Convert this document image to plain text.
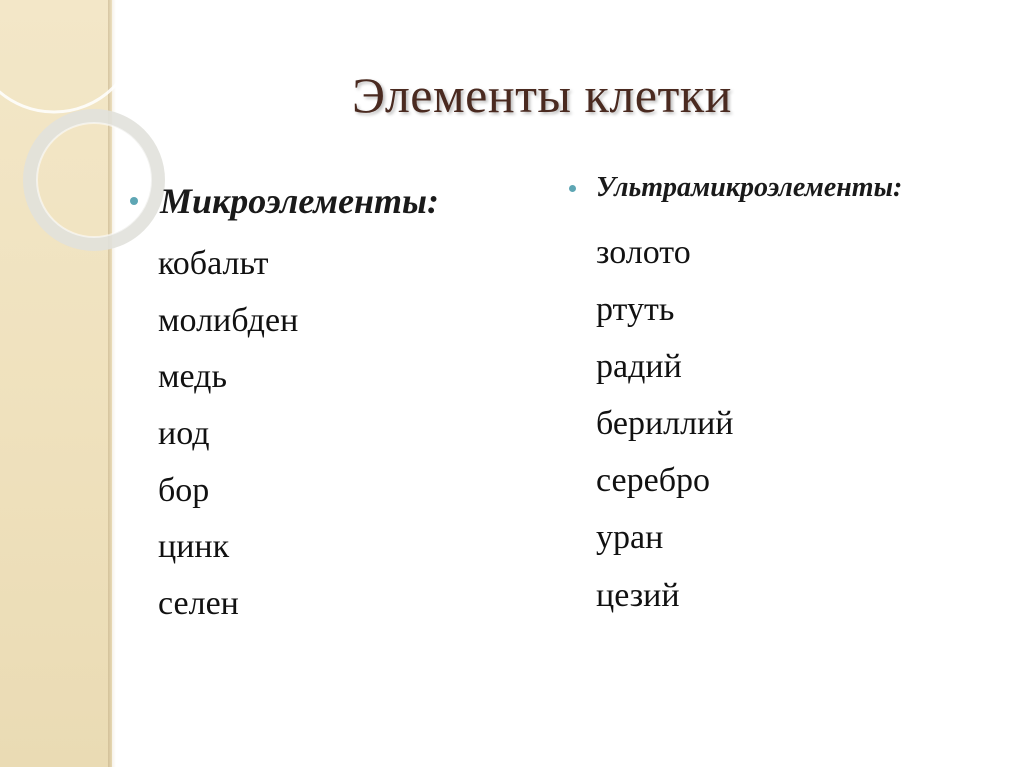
Элементы клетки
Микроэлементы:
кобальт
молибден
медь
иод
бор
цинк
селен
Ультрамикроэлементы:
золото
ртуть
радий
бериллий
серебро
уран
цезий
